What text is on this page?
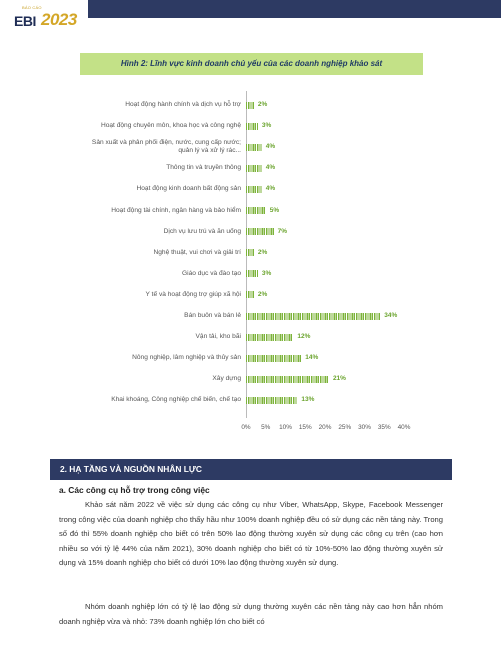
BÁO CÁO
EBI 2023
Hình 2: Lĩnh vực kinh doanh chủ yếu của các doanh nghiệp khảo sát
Hoạt động hành chính và dịch vụ hỗ trợ	2%
Hoạt động chuyên môn, khoa học và công nghệ	3%
Sản xuất và phân phối điện, nước, cung cấp nước; quản lý và xử lý rác...
4%
Thông tin và truyền thông	4%
Hoạt động kinh doanh bất động sản	4%
Hoạt động tài chính, ngân hàng và bảo hiểm	5%
Dịch vụ lưu trú và ăn uống	7%
Nghệ thuật, vui chơi và giải trí	2%
Giáo dục và đào tạo	3%
Y tế và hoạt động trợ giúp xã hội	2%
Bán buôn và bán lẻ	34%
Vận tải, kho bãi	12%
Nông nghiệp, lâm nghiệp và thủy sản	14%
Xây dựng	21%
Khai khoáng, Công nghiệp chế biến, chế tạo	13%
0% 5% 10% 15% 20% 25% 30% 35% 40%
2. HẠ TẦNG VÀ NGUỒN NHÂN LỰC
a. Các công cụ hỗ trợ trong công việc

Khảo sát năm 2022 về việc sử dụng các công cụ như Viber, WhatsApp, Skype, Facebook Messenger trong công việc của doanh nghiệp cho thấy hầu như 100% doanh nghiệp đều có sử dụng các nền tảng này. Trong số đó thì 55% doanh nghiệp cho biết có trên 50% lao động thường xuyên sử dụng các công cụ trên (cao hơn nhiều so với tỷ lệ 44% của năm 2021), 30% doanh nghiệp cho biết có từ 10%-50% lao động thường xuyên sử dụng và 15% doanh nghiệp cho biết có dưới 10% lao động thường xuyên sử dụng.

Nhóm doanh nghiệp lớn có tỷ lệ lao động sử dụng thường xuyên các nền tảng này cao hơn hẳn nhóm doanh nghiệp vừa và nhỏ: 73% doanh nghiệp lớn cho biết có
